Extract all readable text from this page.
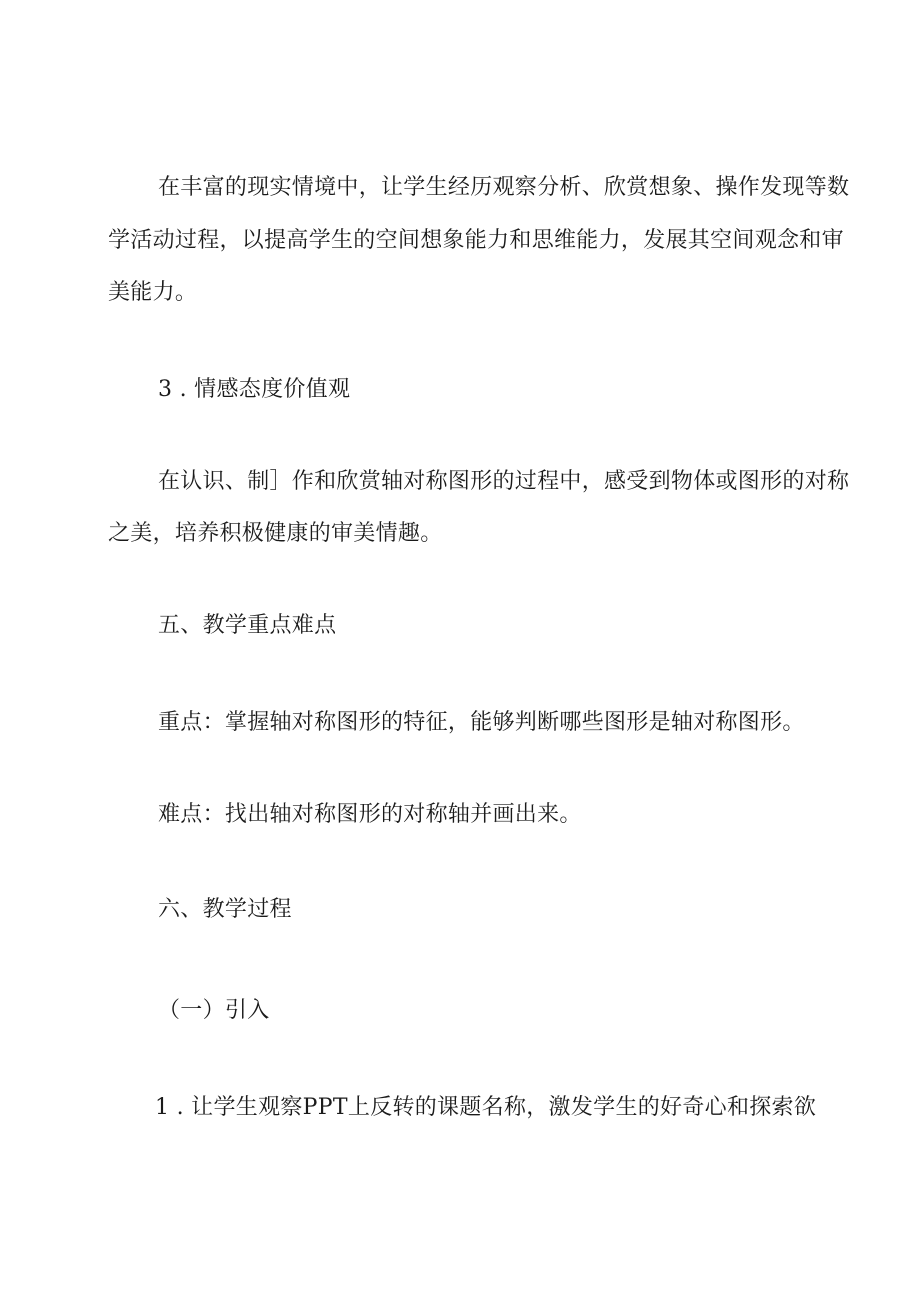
在丰富的现实情境中，让学生经历观察分析、欣赏想象、操作发现等数
学活动过程，以提高学生的空间想象能力和思维能力，发展其空间观念和审
美能力。
3 . 情感态度价值观
在认识、制］作和欣赏轴对称图形的过程中，感受到物体或图形的对称
之美，培养积极健康的审美情趣。
五、教学重点难点
重点：掌握轴对称图形的特征，能够判断哪些图形是轴对称图形。
难点：找出轴对称图形的对称轴并画出来。
六、教学过程
（一）引入
1 . 让学生观察PPT上反转的课题名称，激发学生的好奇心和探索欲
